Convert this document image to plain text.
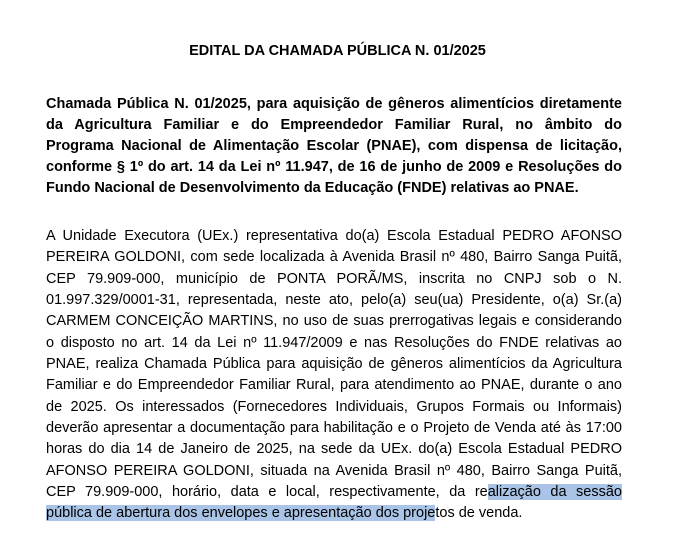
EDITAL DA CHAMADA PÚBLICA N. 01/2025
Chamada Pública N. 01/2025, para aquisição de gêneros alimentícios diretamente
da Agricultura Familiar e do Empreendedor Familiar Rural, no âmbito do
Programa Nacional de Alimentação Escolar (PNAE), com dispensa de licitação,
conforme § 1º do art. 14 da Lei nº 11.947, de 16 de junho de 2009 e Resoluções do
Fundo Nacional de Desenvolvimento da Educação (FNDE) relativas ao PNAE.
A Unidade Executora (UEx.) representativa do(a) Escola Estadual PEDRO AFONSO
PEREIRA GOLDONI, com sede localizada à Avenida Brasil nº 480, Bairro Sanga Puitã,
CEP 79.909-000, município de PONTA PORÃ/MS, inscrita no CNPJ sob o N.
01.997.329/0001-31, representada, neste ato, pelo(a) seu(ua) Presidente, o(a) Sr.(a)
CARMEM CONCEIÇÃO MARTINS, no uso de suas prerrogativas legais e considerando
o disposto no art. 14 da Lei nº 11.947/2009 e nas Resoluções do FNDE relativas ao
PNAE, realiza Chamada Pública para aquisição de gêneros alimentícios da Agricultura
Familiar e do Empreendedor Familiar Rural, para atendimento ao PNAE, durante o ano
de 2025. Os interessados (Fornecedores Individuais, Grupos Formais ou Informais)
deverão apresentar a documentação para habilitação e o Projeto de Venda até às 17:00
horas do dia 14 de Janeiro de 2025, na sede da UEx. do(a) Escola Estadual PEDRO
AFONSO PEREIRA GOLDONI, situada na Avenida Brasil nº 480, Bairro Sanga Puitã,
CEP 79.909-000, horário, data e local, respectivamente, da realização da sessão
pública de abertura dos envelopes e apresentação dos projetos de venda.
